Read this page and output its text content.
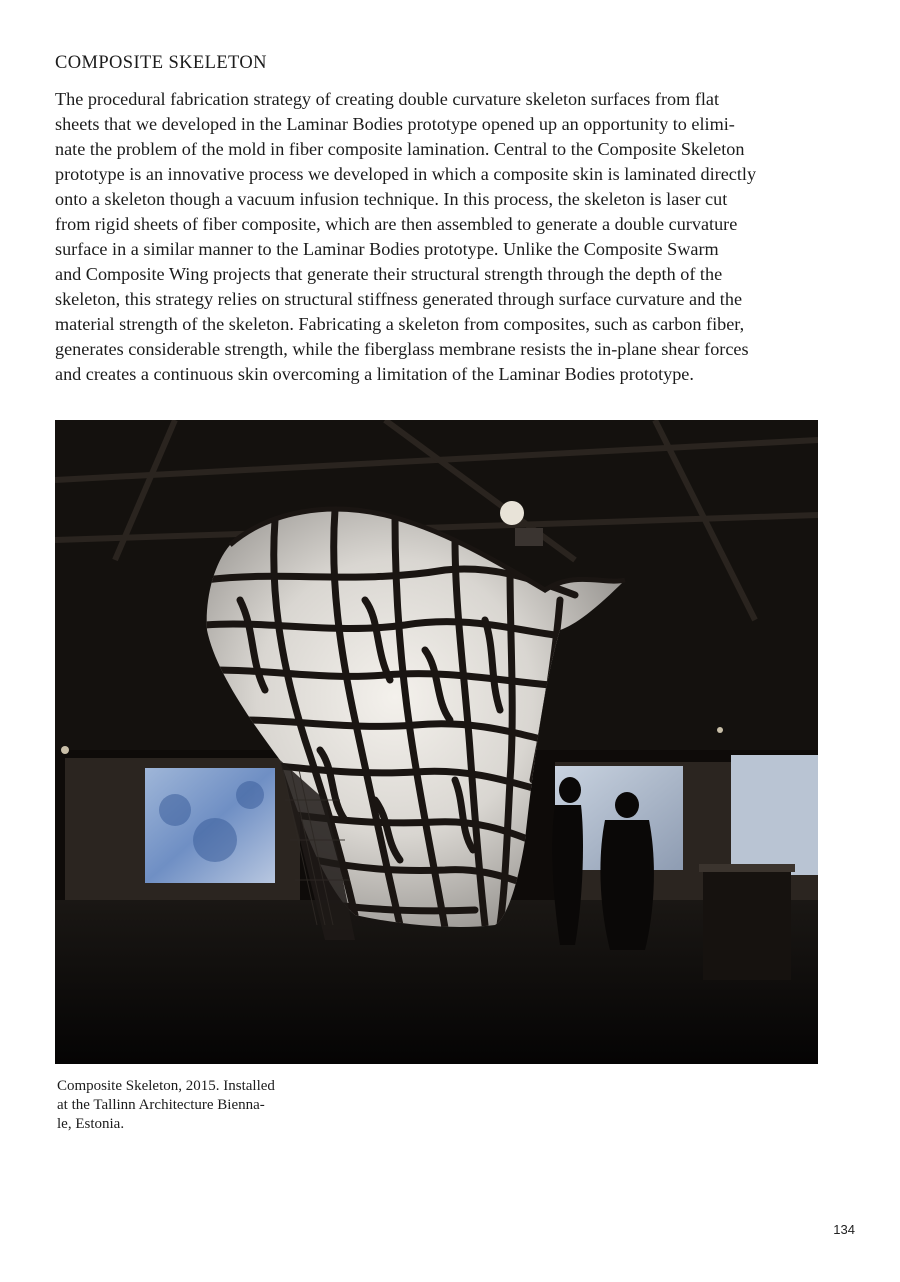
COMPOSITE SKELETON

The procedural fabrication strategy of creating double curvature skeleton surfaces from flat
sheets that we developed in the Laminar Bodies prototype opened up an opportunity to elimi-
nate the problem of the mold in fiber composite lamination. Central to the Composite Skeleton
prototype is an innovative process we developed in which a composite skin is laminated directly
onto a skeleton though a vacuum infusion technique. In this process, the skeleton is laser cut
from rigid sheets of fiber composite, which are then assembled to generate a double curvature
surface in a similar manner to the Laminar Bodies prototype. Unlike the Composite Swarm
and Composite Wing projects that generate their structural strength through the depth of the
skeleton, this strategy relies on structural stiffness generated through surface curvature and the
material strength of the skeleton. Fabricating a skeleton from composites, such as carbon fiber,
generates considerable strength, while the fiberglass membrane resists the in-plane shear forces
and creates a continuous skin overcoming a limitation of the Laminar Bodies prototype.

Composite Skeleton, 2015. Installed
at the Tallinn Architecture Bienna-
le, Estonia.

134
